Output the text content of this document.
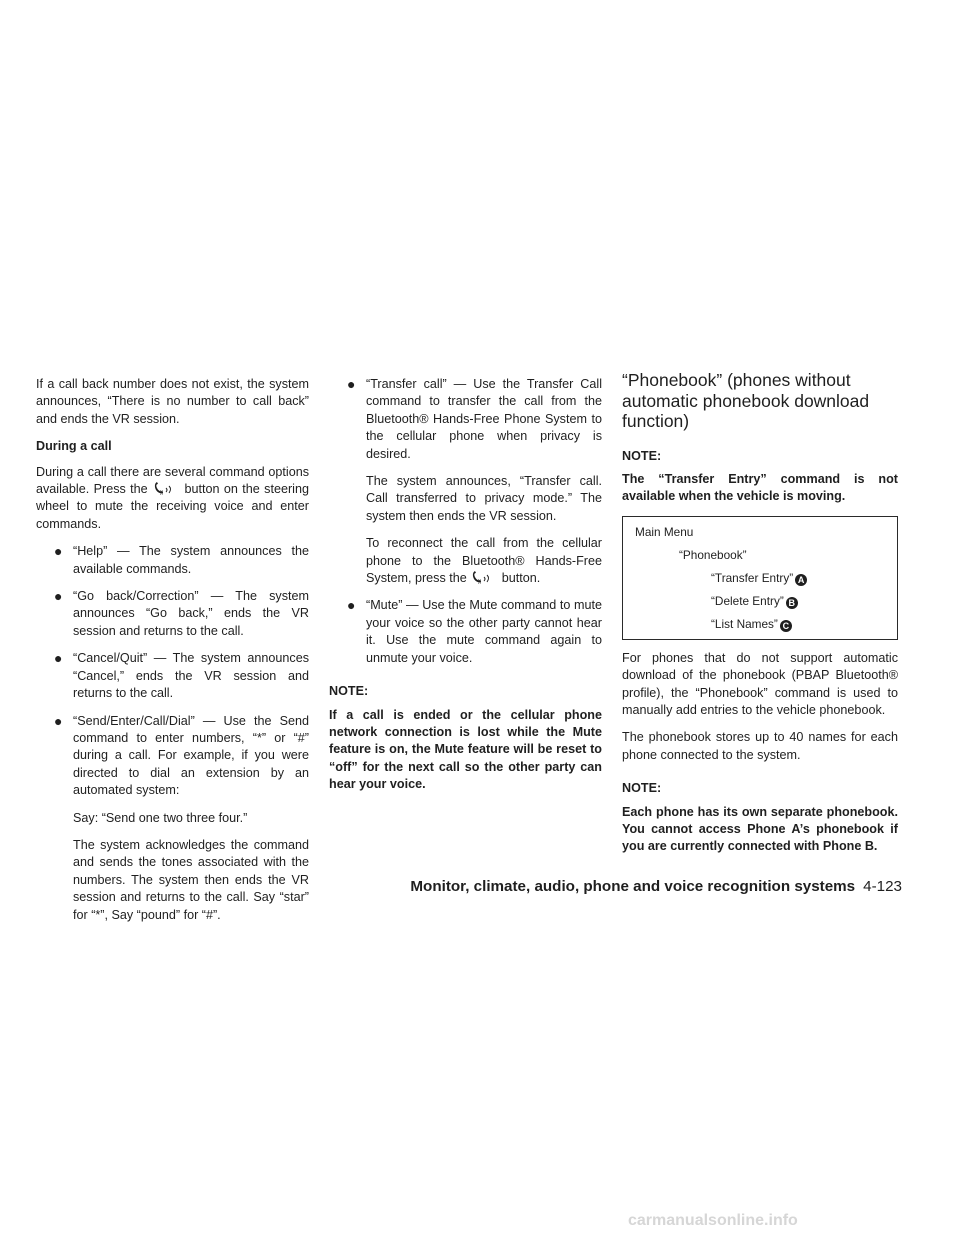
If a call back number does not exist, the system announces, “There is no number to call back” and ends the VR session.

During a call

During a call there are several command options available. Press the )) button on the steering wheel to mute the receiving voice and enter commands.

● “Help” — The system announces the available commands.
● “Go back/Correction” — The system announces “Go back,” ends the VR session and returns to the call.
● “Cancel/Quit” — The system announces “Cancel,” ends the VR session and returns to the call.
● “Send/Enter/Call/Dial” — Use the Send command to enter numbers, “*” or “#” during a call. For example, if you were directed to dial an extension by an automated system:

Say: “Send one two three four.”

The system acknowledges the command and sends the tones associated with the numbers. The system then ends the VR session and returns to the call. Say “star” for “*”, Say “pound” for “#”.

● “Transfer call” — Use the Transfer Call command to transfer the call from the Bluetooth® Hands-Free Phone System to the cellular phone when privacy is desired.

The system announces, “Transfer call. Call transferred to privacy mode.” The system then ends the VR session.

To reconnect the call from the cellular phone to the Bluetooth® Hands-Free System, press the )) button.

● “Mute” — Use the Mute command to mute your voice so the other party cannot hear it. Use the mute command again to unmute your voice.
NOTE:

If a call is ended or the cellular phone network connection is lost while the Mute feature is on, the Mute feature will be reset to “off” for the next call so the other party can hear your voice.

“Phonebook” (phones without automatic phonebook download function)
NOTE:

The “Transfer Entry” command is not available when the vehicle is moving.

Main Menu
“Phonebook”
“Transfer Entry” A
“Delete Entry” B
“List Names” C

For phones that do not support automatic download of the phonebook (PBAP Bluetooth® profile), the “Phonebook” command is used to manually add entries to the vehicle phonebook.

The phonebook stores up to 40 names for each phone connected to the system.

NOTE:

Each phone has its own separate phonebook. You cannot access Phone A’s phonebook if you are currently connected with Phone B.

Monitor, climate, audio, phone and voice recognition systems 4-123
carmanualsonline.info
